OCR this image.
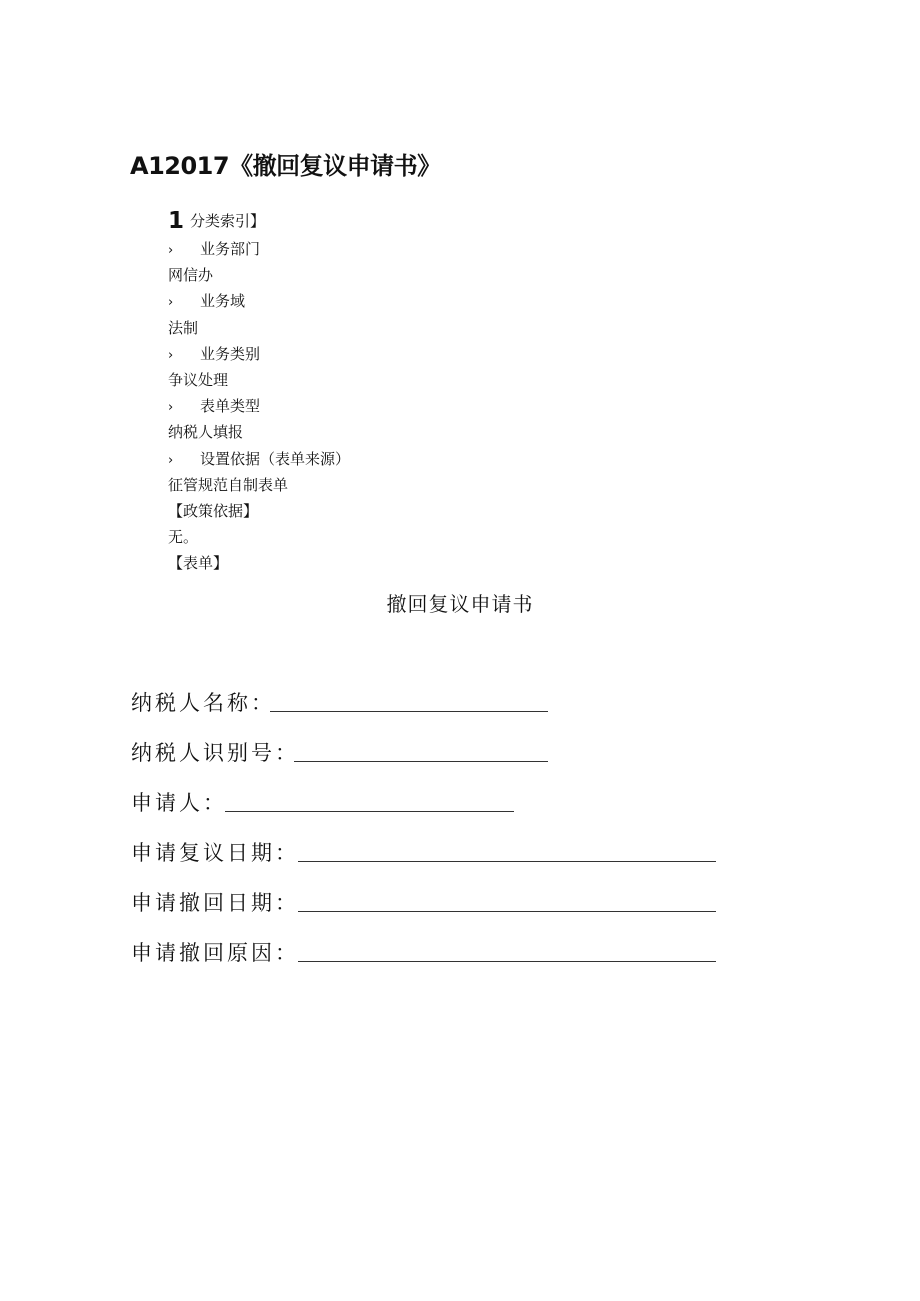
A12017《撤回复议申请书》
1 分类索引】
› 业务部门
网信办
› 业务域
法制
› 业务类别
争议处理
› 表单类型
纳税人填报
› 设置依据（表单来源）
征管规范自制表单
【政策依据】
无。
【表单】
撤回复议申请书
纳税人名称：
纳税人识别号：
申请人：
申请复议日期：
申请撤回日期：
申请撤回原因：
